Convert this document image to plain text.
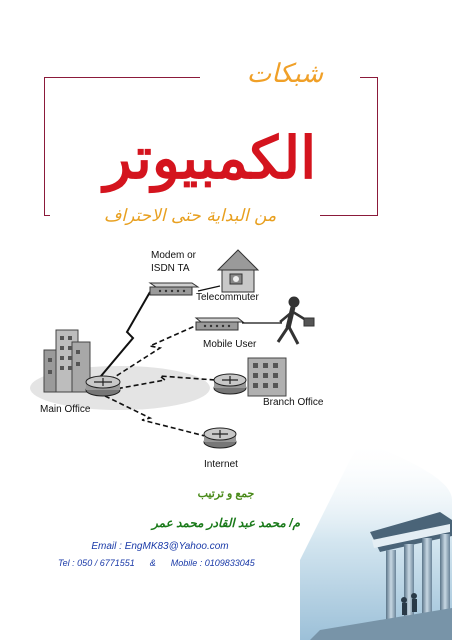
شبكات
الكمبيوتر
من البداية حتى الاحتراف
Modem or
ISDN TA
Telecommuter
Mobile User
Main Office
Branch Office
Internet
جمع و ترتيب
م/ محمد عبد القادر محمد عمر
Email : EngMK83@Yahoo.com
Tel : 050 / 6771551      &      Mobile : 0109833045
